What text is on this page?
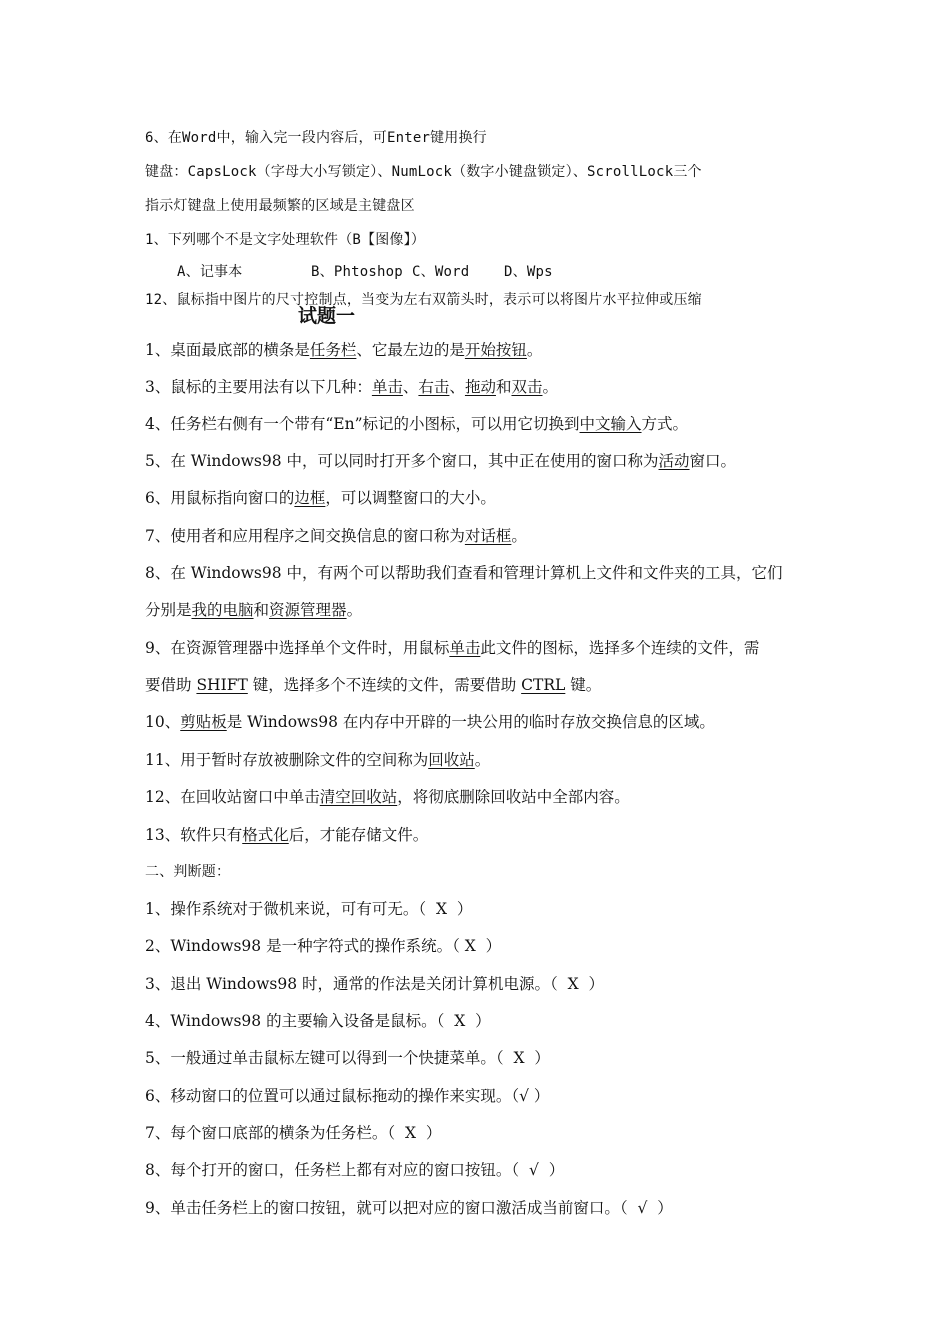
6、在Word中，输入完一段内容后，可Enter键用换行
键盘：CapsLock（字母大小写锁定）、NumLock（数字小键盘锁定）、ScrollLock三个
指示灯键盘上使用最频繁的区域是主键盘区
1、下列哪个不是文字处理软件（B【图像】）
A、记事本	B、Phtoshop C、Word D、Wps
12、鼠标指中图片的尺寸控制点，当变为左右双箭头时，表示可以将图片水平拉伸或压缩
试题一
1、桌面最底部的横条是任务栏、它最左边的是开始按钮。
3、鼠标的主要用法有以下几种：单击、右击、拖动和双击。
4、任务栏右侧有一个带有“En”标记的小图标，可以用它切换到中文输入方式。
5、在 Windows98 中，可以同时打开多个窗口，其中正在使用的窗口称为活动窗口。
6、用鼠标指向窗口的边框，可以调整窗口的大小。
7、使用者和应用程序之间交换信息的窗口称为对话框。
8、在 Windows98 中，有两个可以帮助我们查看和管理计算机上文件和文件夹的工具，它们
分别是我的电脑和资源管理器。
9、在资源管理器中选择单个文件时，用鼠标单击此文件的图标，选择多个连续的文件，需
要借助 SHIFT 键，选择多个不连续的文件，需要借助 CTRL 键。
10、剪贴板是 Windows98 在内存中开辟的一块公用的临时存放交换信息的区域。
11、用于暂时存放被删除文件的空间称为回收站。
12、在回收站窗口中单击清空回收站，将彻底删除回收站中全部内容。
13、软件只有格式化后，才能存储文件。
二、判断题：
1、操作系统对于微机来说，可有可无。（  X  ）
2、Windows98 是一种字符式的操作系统。（ X  ）
3、退出 Windows98 时，通常的作法是关闭计算机电源。（  X  ）
4、Windows98 的主要输入设备是鼠标。（  X  ）
5、一般通过单击鼠标左键可以得到一个快捷菜单。（  X  ）
6、移动窗口的位置可以通过鼠标拖动的操作来实现。（√ ）
7、每个窗口底部的横条为任务栏。（  X  ）
8、每个打开的窗口，任务栏上都有对应的窗口按钮。（  √  ）
9、单击任务栏上的窗口按钮，就可以把对应的窗口激活成当前窗口。（  √  ）
